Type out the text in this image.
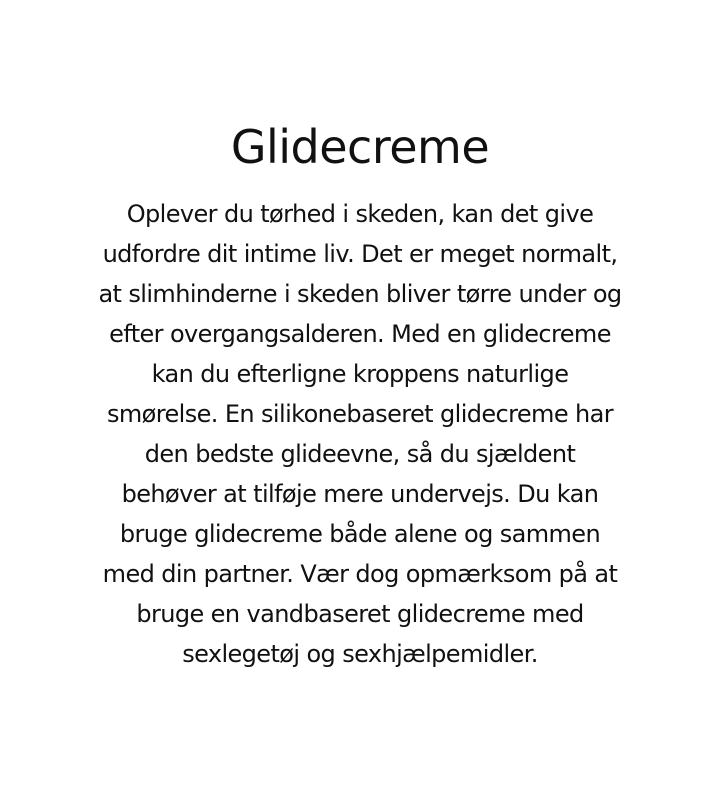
Glidecreme

Oplever du tørhed i skeden, kan det give
udfordre dit intime liv. Det er meget normalt,
at slimhinderne i skeden bliver tørre under og
efter overgangsalderen. Med en glidecreme
kan du efterligne kroppens naturlige
smørelse. En silikonebaseret glidecreme har
den bedste glideevne, så du sjældent
behøver at tilføje mere undervejs. Du kan
bruge glidecreme både alene og sammen
med din partner. Vær dog opmærksom på at
bruge en vandbaseret glidecreme med
sexlegetøj og sexhjælpemidler.
